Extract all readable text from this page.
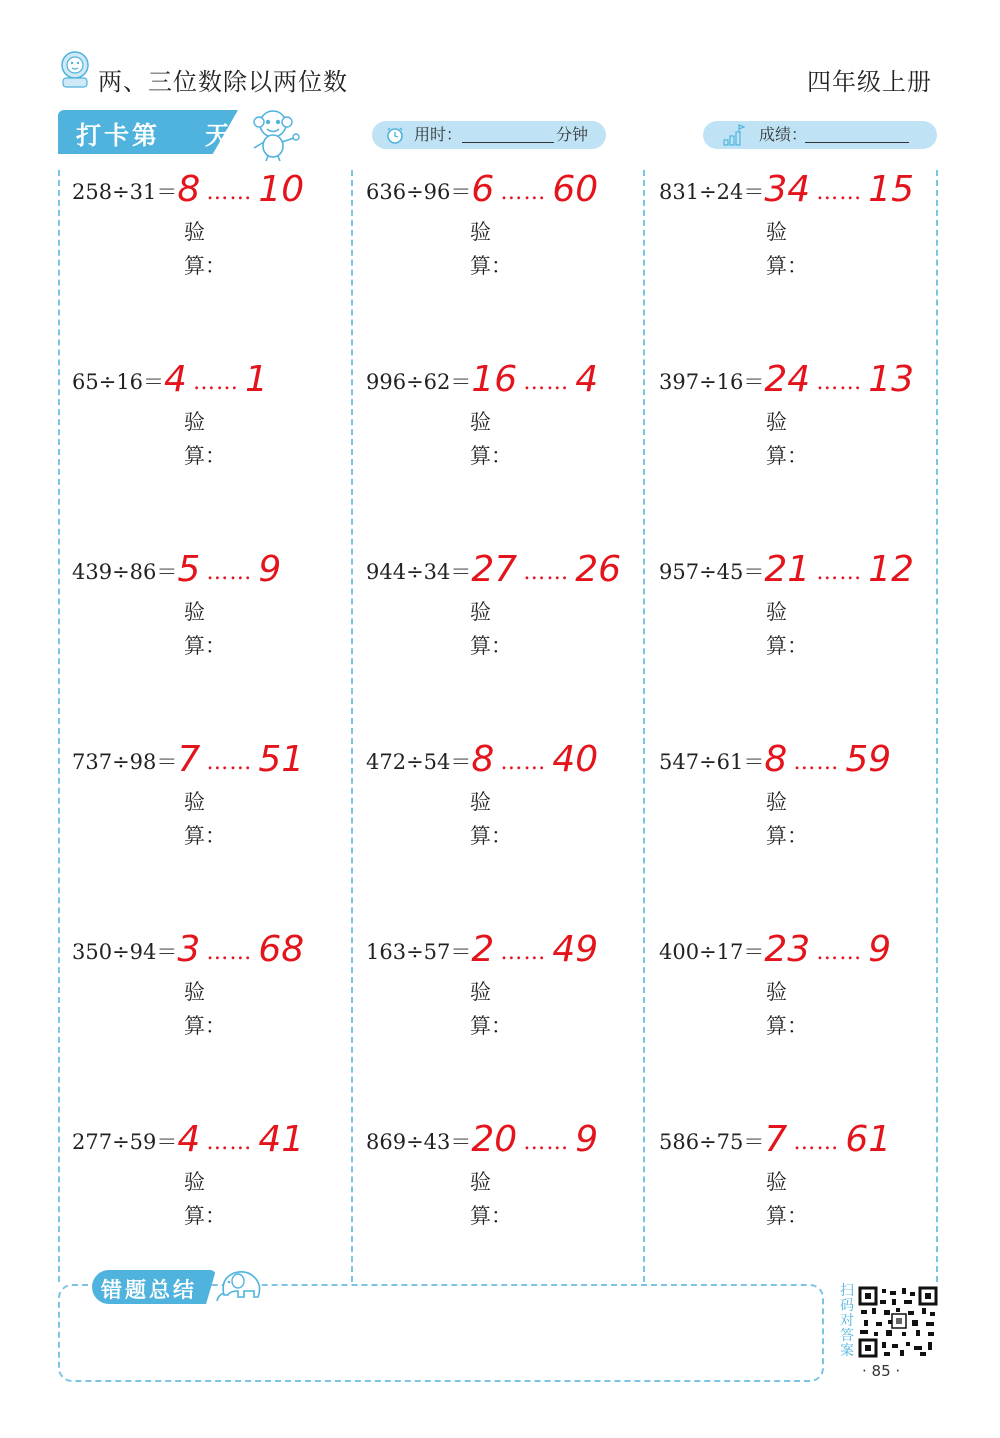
两、三位数除以两位数	四年级上册
打卡第 天	用时：	分钟	成绩：
错题总结	扫码对答案
· 85 ·
258÷31＝8 …… 10
验
算：
65÷16＝4 …… 1
验
算：
439÷86＝5 …… 9
验
算：
737÷98＝7 …… 51
验
算：
350÷94＝3 …… 68
验
算：
277÷59＝4 …… 41
验
算：
636÷96＝6 …… 60
验
算：
996÷62＝16 …… 4
验
算：
944÷34＝27 …… 26
验
算：
472÷54＝8 …… 40
验
算：
163÷57＝2 …… 49
验
算：
869÷43＝20 …… 9
验
算：
831÷24＝34 …… 15
验
算：
397÷16＝24 …… 13
验
算：
957÷45＝21 …… 12
验
算：
547÷61＝8 …… 59
验
算：
400÷17＝23 …… 9
验
算：
586÷75＝7 …… 61
验
算：
